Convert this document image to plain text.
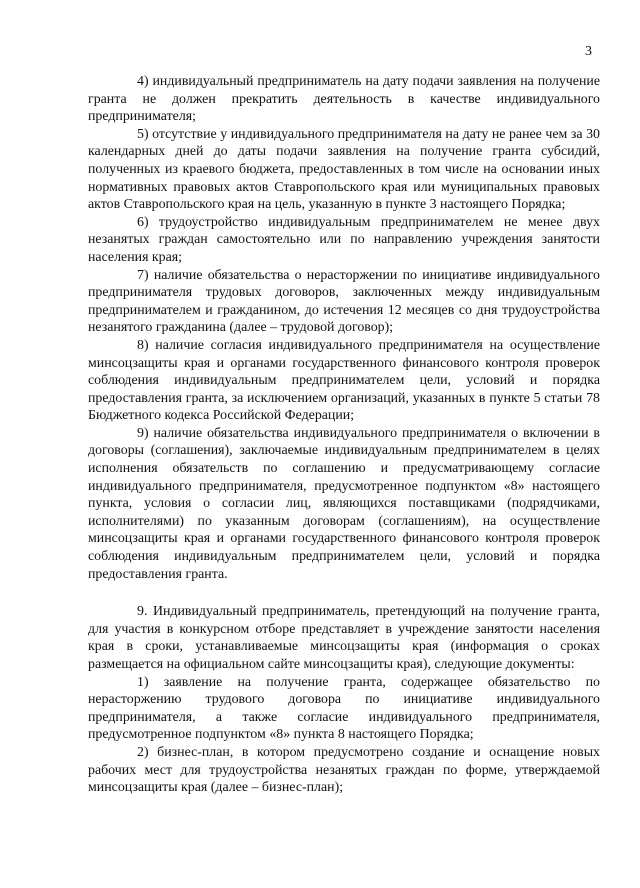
3

4) индивидуальный предприниматель на дату подачи заявления на получение гранта не должен прекратить деятельность в качестве индивидуального предпринимателя;

5) отсутствие у индивидуального предпринимателя на дату не ранее чем за 30 календарных дней до даты подачи заявления на получение гранта субсидий, полученных из краевого бюджета, предоставленных в том числе на основании иных нормативных правовых актов Ставропольского края или муниципальных правовых актов Ставропольского края на цель, указанную в пункте 3 настоящего Порядка;

6) трудоустройство индивидуальным предпринимателем не менее двух незанятых граждан самостоятельно или по направлению учреждения занятости населения края;

7) наличие обязательства о нерасторжении по инициативе индивидуального предпринимателя трудовых договоров, заключенных между индивидуальным предпринимателем и гражданином, до истечения 12 месяцев со дня трудоустройства незанятого гражданина (далее – трудовой договор);

8) наличие согласия индивидуального предпринимателя на осуществление минсоцзащиты края и органами государственного финансового контроля проверок соблюдения индивидуальным предпринимателем цели, условий и порядка предоставления гранта, за исключением организаций, указанных в пункте 5 статьи 78 Бюджетного кодекса Российской Федерации;

9) наличие обязательства индивидуального предпринимателя о включении в договоры (соглашения), заключаемые индивидуальным предпринимателем в целях исполнения обязательств по соглашению и предусматривающему согласие индивидуального предпринимателя, предусмотренное подпунктом «8» настоящего пункта, условия о согласии лиц, являющихся поставщиками (подрядчиками, исполнителями) по указанным договорам (соглашениям), на осуществление минсоцзащиты края и органами государственного финансового контроля проверок соблюдения индивидуальным предпринимателем цели, условий и порядка предоставления гранта.

9. Индивидуальный предприниматель, претендующий на получение гранта, для участия в конкурсном отборе представляет в учреждение занятости населения края в сроки, устанавливаемые минсоцзащиты края (информация о сроках размещается на официальном сайте минсоцзащиты края), следующие документы:

1) заявление на получение гранта, содержащее обязательство по нерасторжению трудового договора по инициативе индивидуального предпринимателя, а также согласие индивидуального предпринимателя, предусмотренное подпунктом «8» пункта 8 настоящего Порядка;

2) бизнес-план, в котором предусмотрено создание и оснащение новых рабочих мест для трудоустройства незанятых граждан по форме, утверждаемой минсоцзащиты края (далее – бизнес-план);
